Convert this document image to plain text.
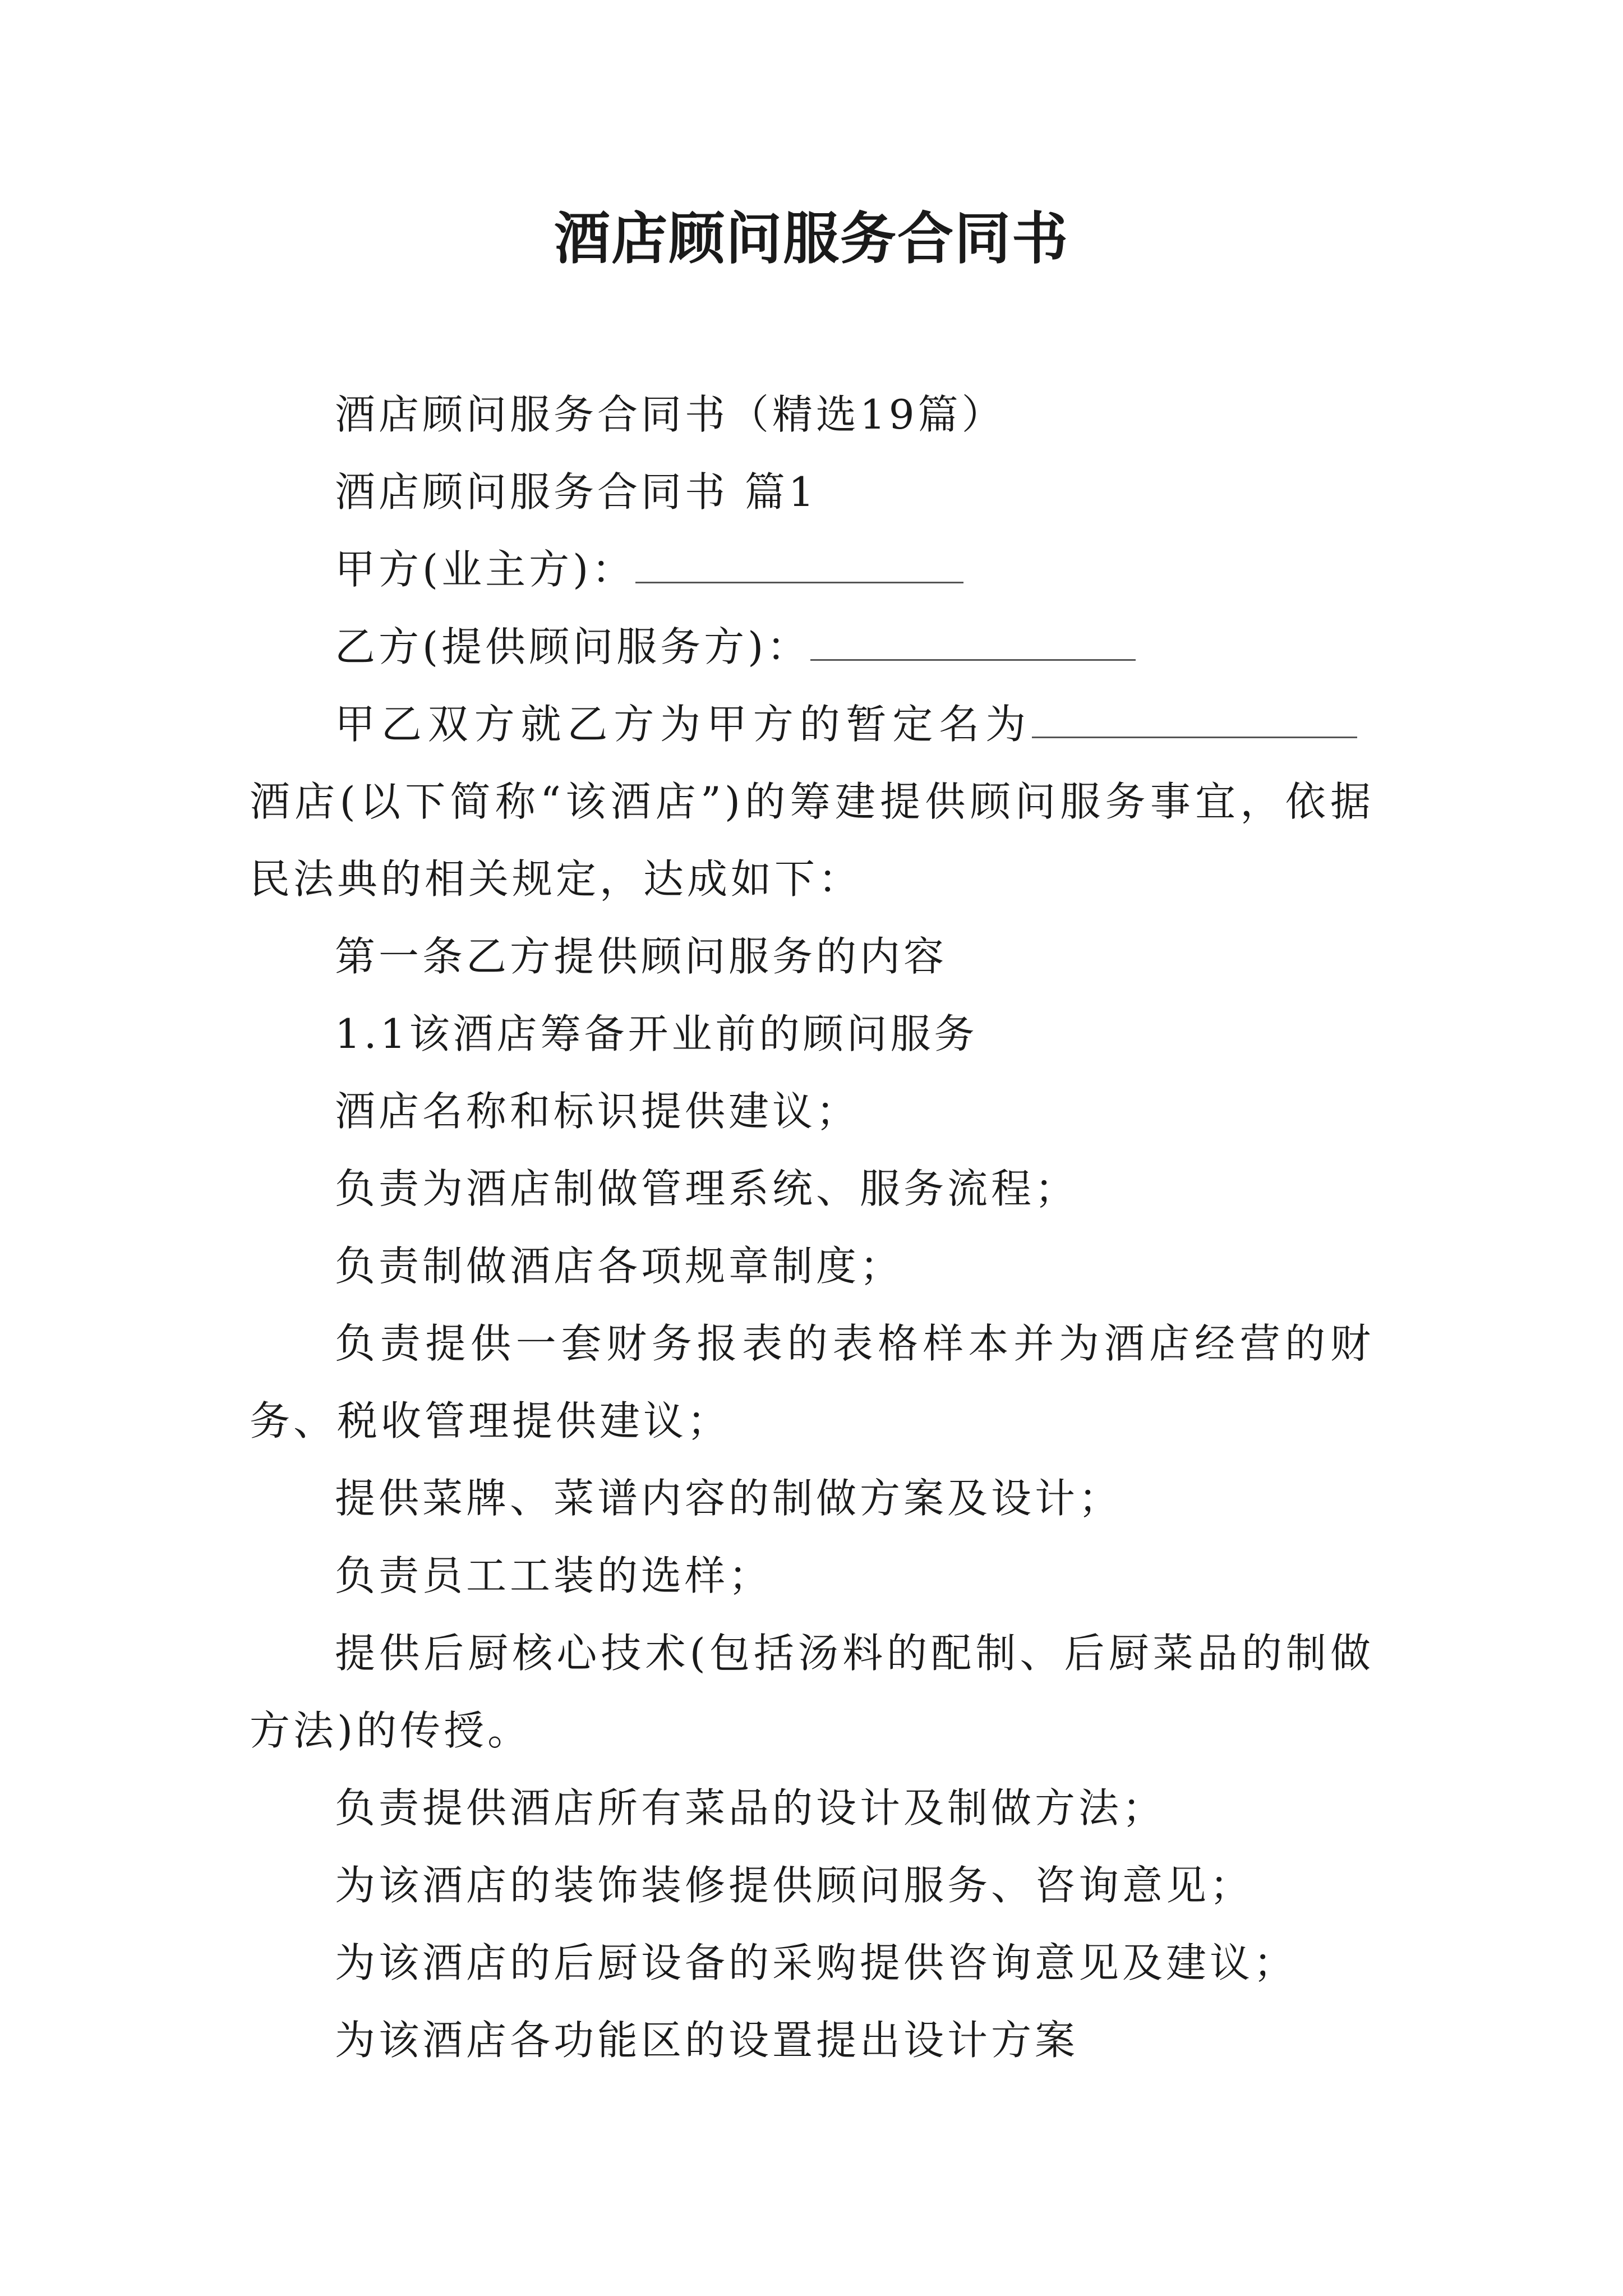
酒店顾问服务合同书

酒店顾问服务合同书（精选19篇）

酒店顾问服务合同书 篇1

甲方(业主方)：

乙方(提供顾问服务方)：

甲乙双方就乙方为甲方的暂定名为酒店(以下简称“该酒店”)的筹建提供顾问服务事宜，依据民法典的相关规定，达成如下：

第一条乙方提供顾问服务的内容

1.1该酒店筹备开业前的顾问服务

酒店名称和标识提供建议；

负责为酒店制做管理系统、服务流程；

负责制做酒店各项规章制度；

负责提供一套财务报表的表格样本并为酒店经营的财务、税收管理提供建议；

提供菜牌、菜谱内容的制做方案及设计；

负责员工工装的选样；

提供后厨核心技术(包括汤料的配制、后厨菜品的制做方法)的传授。

负责提供酒店所有菜品的设计及制做方法；

为该酒店的装饰装修提供顾问服务、咨询意见；

为该酒店的后厨设备的采购提供咨询意见及建议；

为该酒店各功能区的设置提出设计方案
